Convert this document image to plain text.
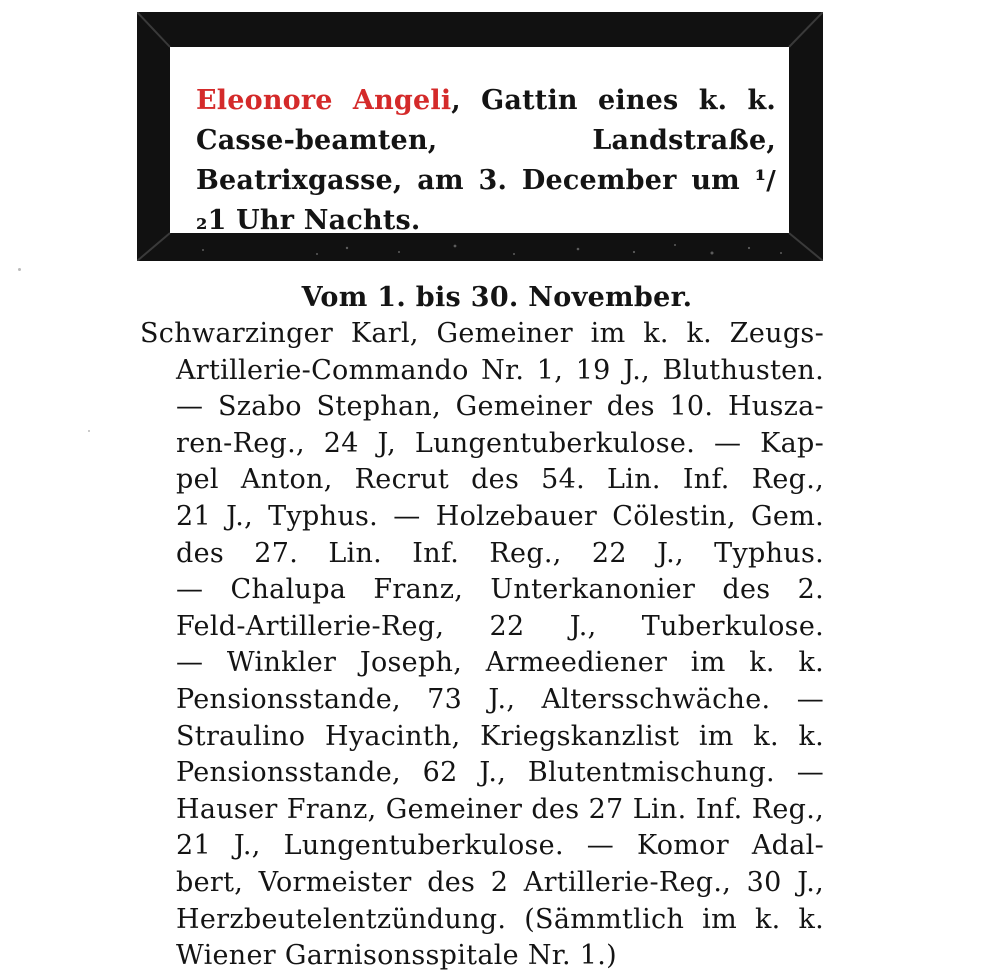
Eleonore Angeli, Gattin eines k. k. Casse-beamten, Landstraße, Beatrixgasse, am 3. December um ¹/₂1 Uhr Nachts.

Vom 1. bis 30. November.

Schwarzinger Karl, Gemeiner im k. k. Zeugs-
Artillerie-Commando Nr. 1, 19 J., Bluthusten.
— Szabo Stephan, Gemeiner des 10. Husza-
ren-Reg., 24 J, Lungentuberkulose. — Kap-
pel Anton, Recrut des 54. Lin. Inf. Reg.,
21 J., Typhus. — Holzebauer Cölestin, Gem.
des 27. Lin. Inf. Reg., 22 J., Typhus.
— Chalupa Franz, Unterkanonier des 2.
Feld-Artillerie-Reg, 22 J., Tuberkulose.
— Winkler Joseph, Armeediener im k. k.
Pensionsstande, 73 J., Altersschwäche. —
Straulino Hyacinth, Kriegskanzlist im k. k.
Pensionsstande, 62 J., Blutentmischung. —
Hauser Franz, Gemeiner des 27 Lin. Inf. Reg.,
21 J., Lungentuberkulose. — Komor Adal-
bert, Vormeister des 2 Artillerie-Reg., 30 J.,
Herzbeutelentzündung. (Sämmtlich im k. k.
Wiener Garnisonsspitale Nr. 1.)
